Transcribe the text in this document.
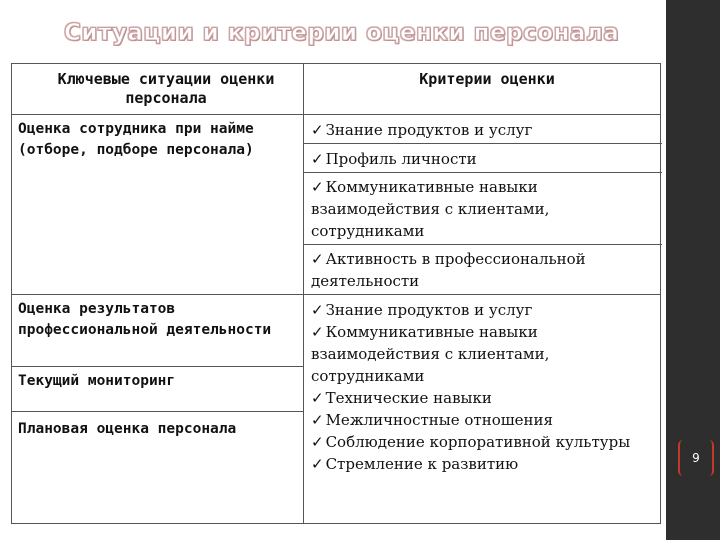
Ситуации и критерии оценки персонала
9
Ключевые ситуации оценки персонала
Критерии оценки
Оценка сотрудника при найме (отборе, подборе персонала)
✓ Знание продуктов и услуг
✓ Профиль личности
✓ Коммуникативные навыки взаимодействия с клиентами, сотрудниками
✓ Активность в профессиональной деятельности
Оценка результатов профессиональной деятельности
Текущий мониторинг
Плановая оценка персонала
✓ Знание продуктов и услуг
✓ Коммуникативные навыки взаимодействия с клиентами, сотрудниками
✓ Технические навыки
✓ Межличностные отношения
✓ Соблюдение корпоративной культуры
✓ Стремление к развитию
